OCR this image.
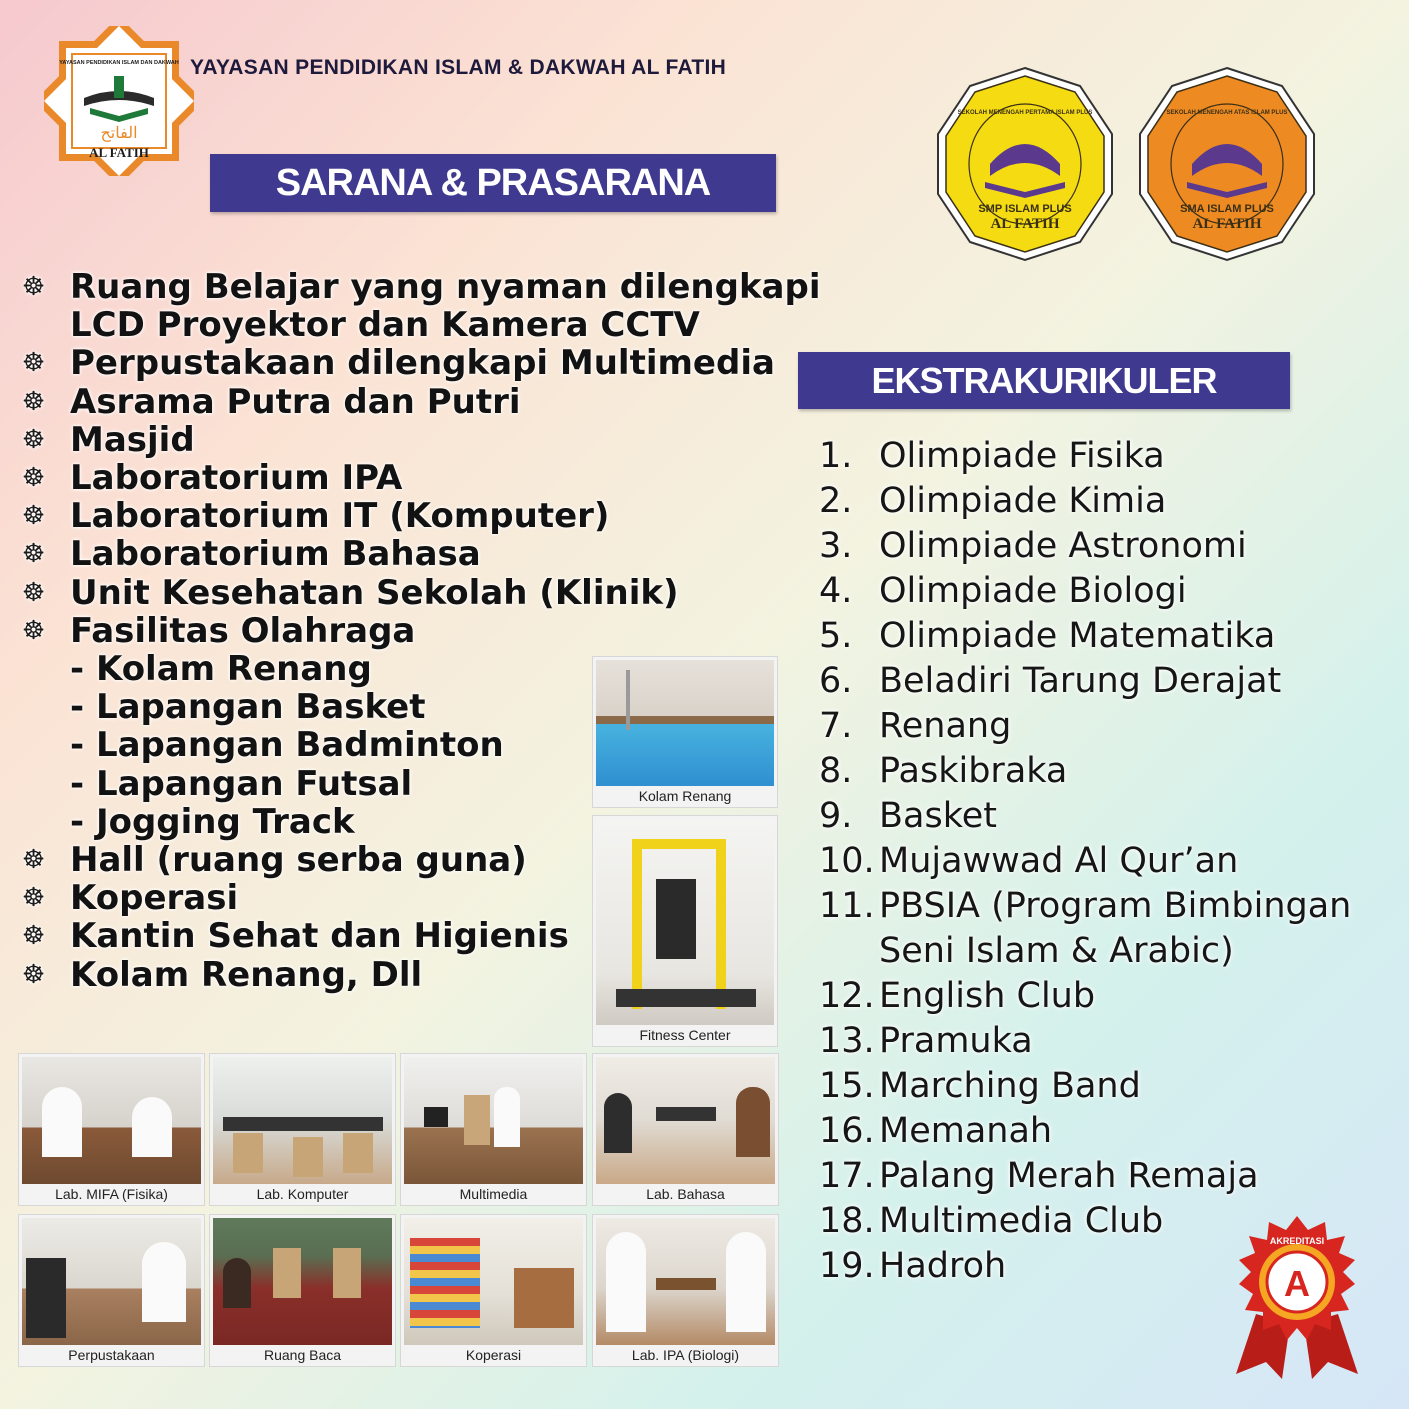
الفاتح
AL FATIH
YAYASAN PENDIDIKAN ISLAM DAN DAKWAH YAYASAN PENDIDIKAN ISLAM & DAKWAH AL FATIH
SARANA & PRASARANA
SMP ISLAM PLUS
AL FATIH
SEKOLAH MENENGAH PERTAMA ISLAM PLUS
SMA ISLAM PLUS
AL FATIH
SEKOLAH MENENGAH ATAS ISLAM PLUS
☸ Ruang Belajar yang nyaman dilengkapi
LCD Proyektor dan Kamera CCTV
☸ Perpustakaan dilengkapi Multimedia
☸ Asrama Putra dan Putri
☸ Masjid
☸ Laboratorium IPA
☸ Laboratorium IT (Komputer)
☸ Laboratorium Bahasa
☸ Unit Kesehatan Sekolah (Klinik)
☸ Fasilitas Olahraga
- Kolam Renang
- Lapangan Basket
- Lapangan Badminton
- Lapangan Futsal
- Jogging Track
☸ Hall (ruang serba guna)
☸ Koperasi
☸ Kantin Sehat dan Higienis
☸ Kolam Renang, Dll
EKSTRAKURIKULER
1. Olimpiade Fisika
2. Olimpiade Kimia
3. Olimpiade Astronomi
4. Olimpiade Biologi
5. Olimpiade Matematika
6. Beladiri Tarung Derajat
7. Renang
8. Paskibraka
9. Basket
10. Mujawwad Al Qur’an
11. PBSIA (Program Bimbingan
Seni Islam & Arabic)
12. English Club
13. Pramuka
15. Marching Band
16. Memanah
17. Palang Merah Remaja
18. Multimedia Club
19. Hadroh
Kolam Renang
Fitness Center
Lab. MIFA (Fisika)	Lab. Komputer	Multimedia	Lab. Bahasa
Perpustakaan	Ruang Baca	Koperasi	Lab. IPA (Biologi)
A
AKREDITASI
